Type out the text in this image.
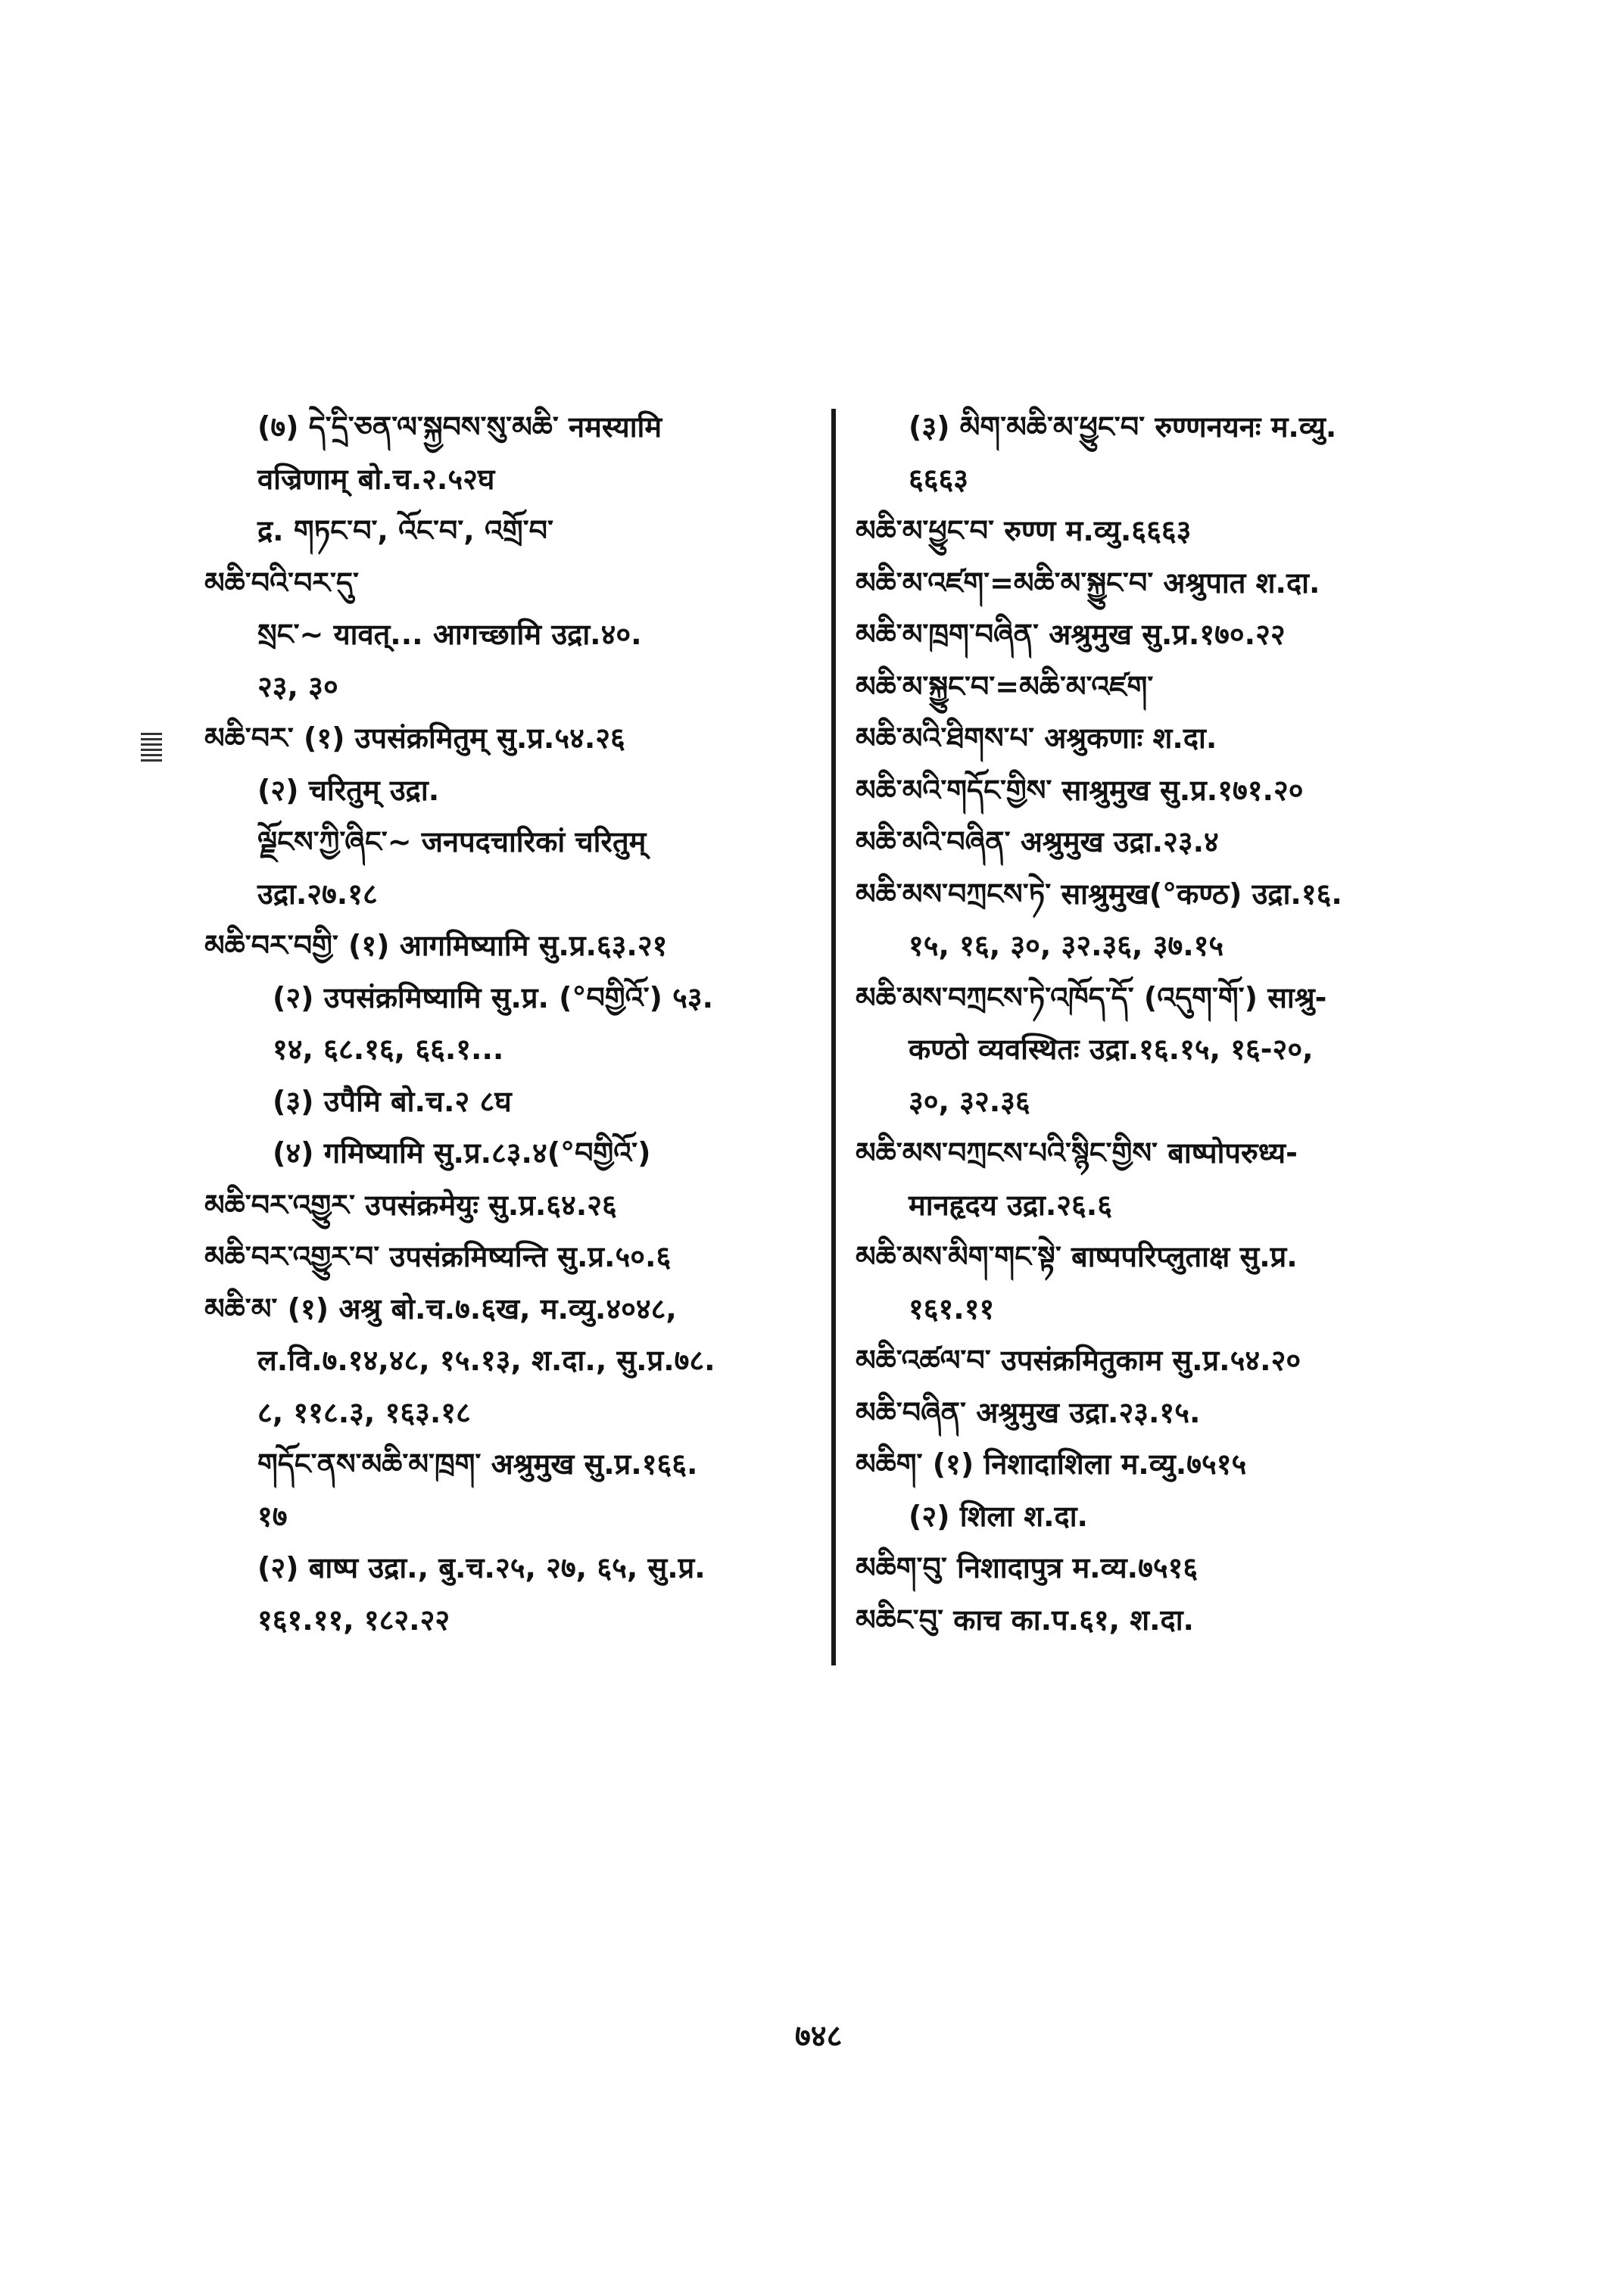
(७) དེ་དྲི་ཅན་ལ་སྐྱབས་སུ་མཆི་ नमस्यामि
वज्रिणाम् बो.च.२.५२घ
द्र. གཏང་བ་, འོང་བ་, འགྲོ་བ་
མཆི་བའི་བར་དུ་
སྲང་~ यावत्... आगच्छामि उद्रा.४०.
२३, ३०
མཆི་བར་ (१) उपसंक्रमितुम् सु.प्र.५४.२६
(२) चरितुम् उद्रा.
ལྗོངས་ཀྱི་ཞིང་~ जनपदचारिकां चरितुम्
उद्रा.२७.१८
མཆི་བར་བགྱི་ (१) आगमिष्यामि सु.प्र.६३.२१
(२) उपसंक्रमिष्यामि सु.प्र. (°བགྱིའོ་) ५३.
१४, ६८.१६, ६६.१...
(३) उपैमि बो.च.२ ८घ
(४) गमिष्यामि सु.प्र.८३.४(°བགྱིའོ་)
མཆི་བར་འགྱུར་ उपसंक्रमेयुः सु.प्र.६४.२६
མཆི་བར་འགྱུར་བ་ उपसंक्रमिष्यन्ति सु.प्र.५०.६
མཆི་མ་ (१) अश्रु बो.च.७.६ख, म.व्यु.४०४८,
ल.वि.७.१४,४८, १५.१३, श.दा., सु.प्र.७८.
८, ११८.३, १६३.१८
གདོང་ནས་མཆི་མ་ཁྲག་ अश्रुमुख सु.प्र.१६६.
१७
(२) बाष्प उद्रा., बु.च.२५, २७, ६५, सु.प्र.
१६१.११, १८२.२२
(३) མིག་མཆི་མ་ཕྱུང་བ་ रुण्णनयनः म.व्यु.
६६६३
མཆི་མ་ཕྱུང་བ་ रुण्ण म.व्यु.६६६३
མཆི་མ་འཛག་=མཆི་མ་སྐྱུང་བ་ अश्रुपात श.दा.
མཆི་མ་ཁྲག་བཞིན་ अश्रुमुख सु.प्र.१७०.२२
མཆི་མ་སྐྱུང་བ་=མཆི་མ་འཛག་
མཆི་མའི་ཐིགས་པ་ अश्रुकणाः श.दा.
མཆི་མའི་གདོང་གྱིས་ साश्रुमुख सु.प्र.१७१.२०
མཆི་མའི་བཞིན་ अश्रुमुख उद्रा.२३.४
མཆི་མས་བཀྲངས་ཏེ་ साश्रुमुख(°कण्ठ) उद्रा.१६.
१५, १६, ३०, ३२.३६, ३७.१५
མཆི་མས་བཀྲངས་ཏེ་འཁོད་དོ་ (འདུག་གོ་) साश्रु-
कण्ठो व्यवस्थितः उद्रा.१६.१५, १६-२०,
३०, ३२.३६
མཆི་མས་བཀྲངས་པའི་སྙིང་གྱིས་ बाष्पोपरुध्य-
मानहृदय उद्रा.२६.६
མཆི་མས་མིག་གང་སྟེ་ बाष्पपरिप्लुताक्ष सु.प्र.
१६१.११
མཆི་འཚལ་བ་ उपसंक्रमितुकाम सु.प्र.५४.२०
མཆི་བཞིན་ अश्रुमुख उद्रा.२३.१५.
མཆིག་ (१) निशादाशिला म.व्यु.७५१५
(२) शिला श.दा.
མཆིག་བུ་ निशादापुत्र म.व्य.७५१६
མཆིང་བུ་ काच का.प.६१, श.दा.
७४८
